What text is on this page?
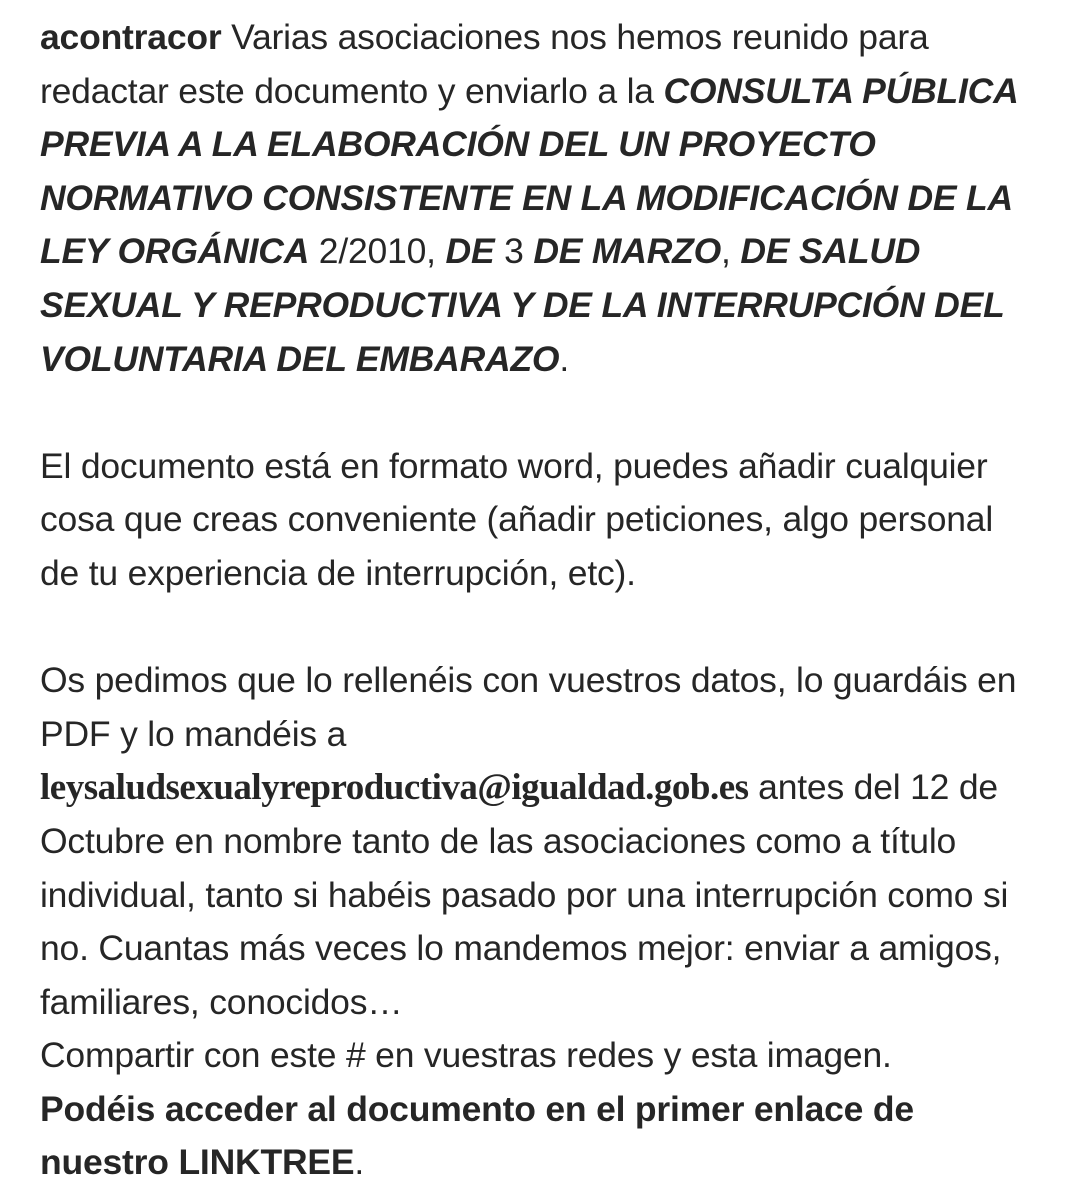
acontracor Varias asociaciones nos hemos reunido para redactar este documento y enviarlo a la CONSULTA PÚBLICA PREVIA A LA ELABORACIÓN DEL UN PROYECTO NORMATIVO CONSISTENTE EN LA MODIFICACIÓN DE LA LEY ORGÁNICA 2/2010, DE 3 DE MARZO, DE SALUD SEXUAL Y REPRODUCTIVA Y DE LA INTERRUPCIÓN DEL VOLUNTARIA DEL EMBARAZO.

El documento está en formato word, puedes añadir cualquier cosa que creas conveniente (añadir peticiones, algo personal de tu experiencia de interrupción, etc).

Os pedimos que lo rellenéis con vuestros datos, lo guardáis en PDF y lo mandéis a leysaludsexualyreproductiva@igualdad.gob.es antes del 12 de Octubre en nombre tanto de las asociaciones como a título individual, tanto si habéis pasado por una interrupción como si no. Cuantas más veces lo mandemos mejor: enviar a amigos, familiares, conocidos…

Compartir con este # en vuestras redes y esta imagen.

Podéis acceder al documento en el primer enlace de nuestro LINKTREE.
